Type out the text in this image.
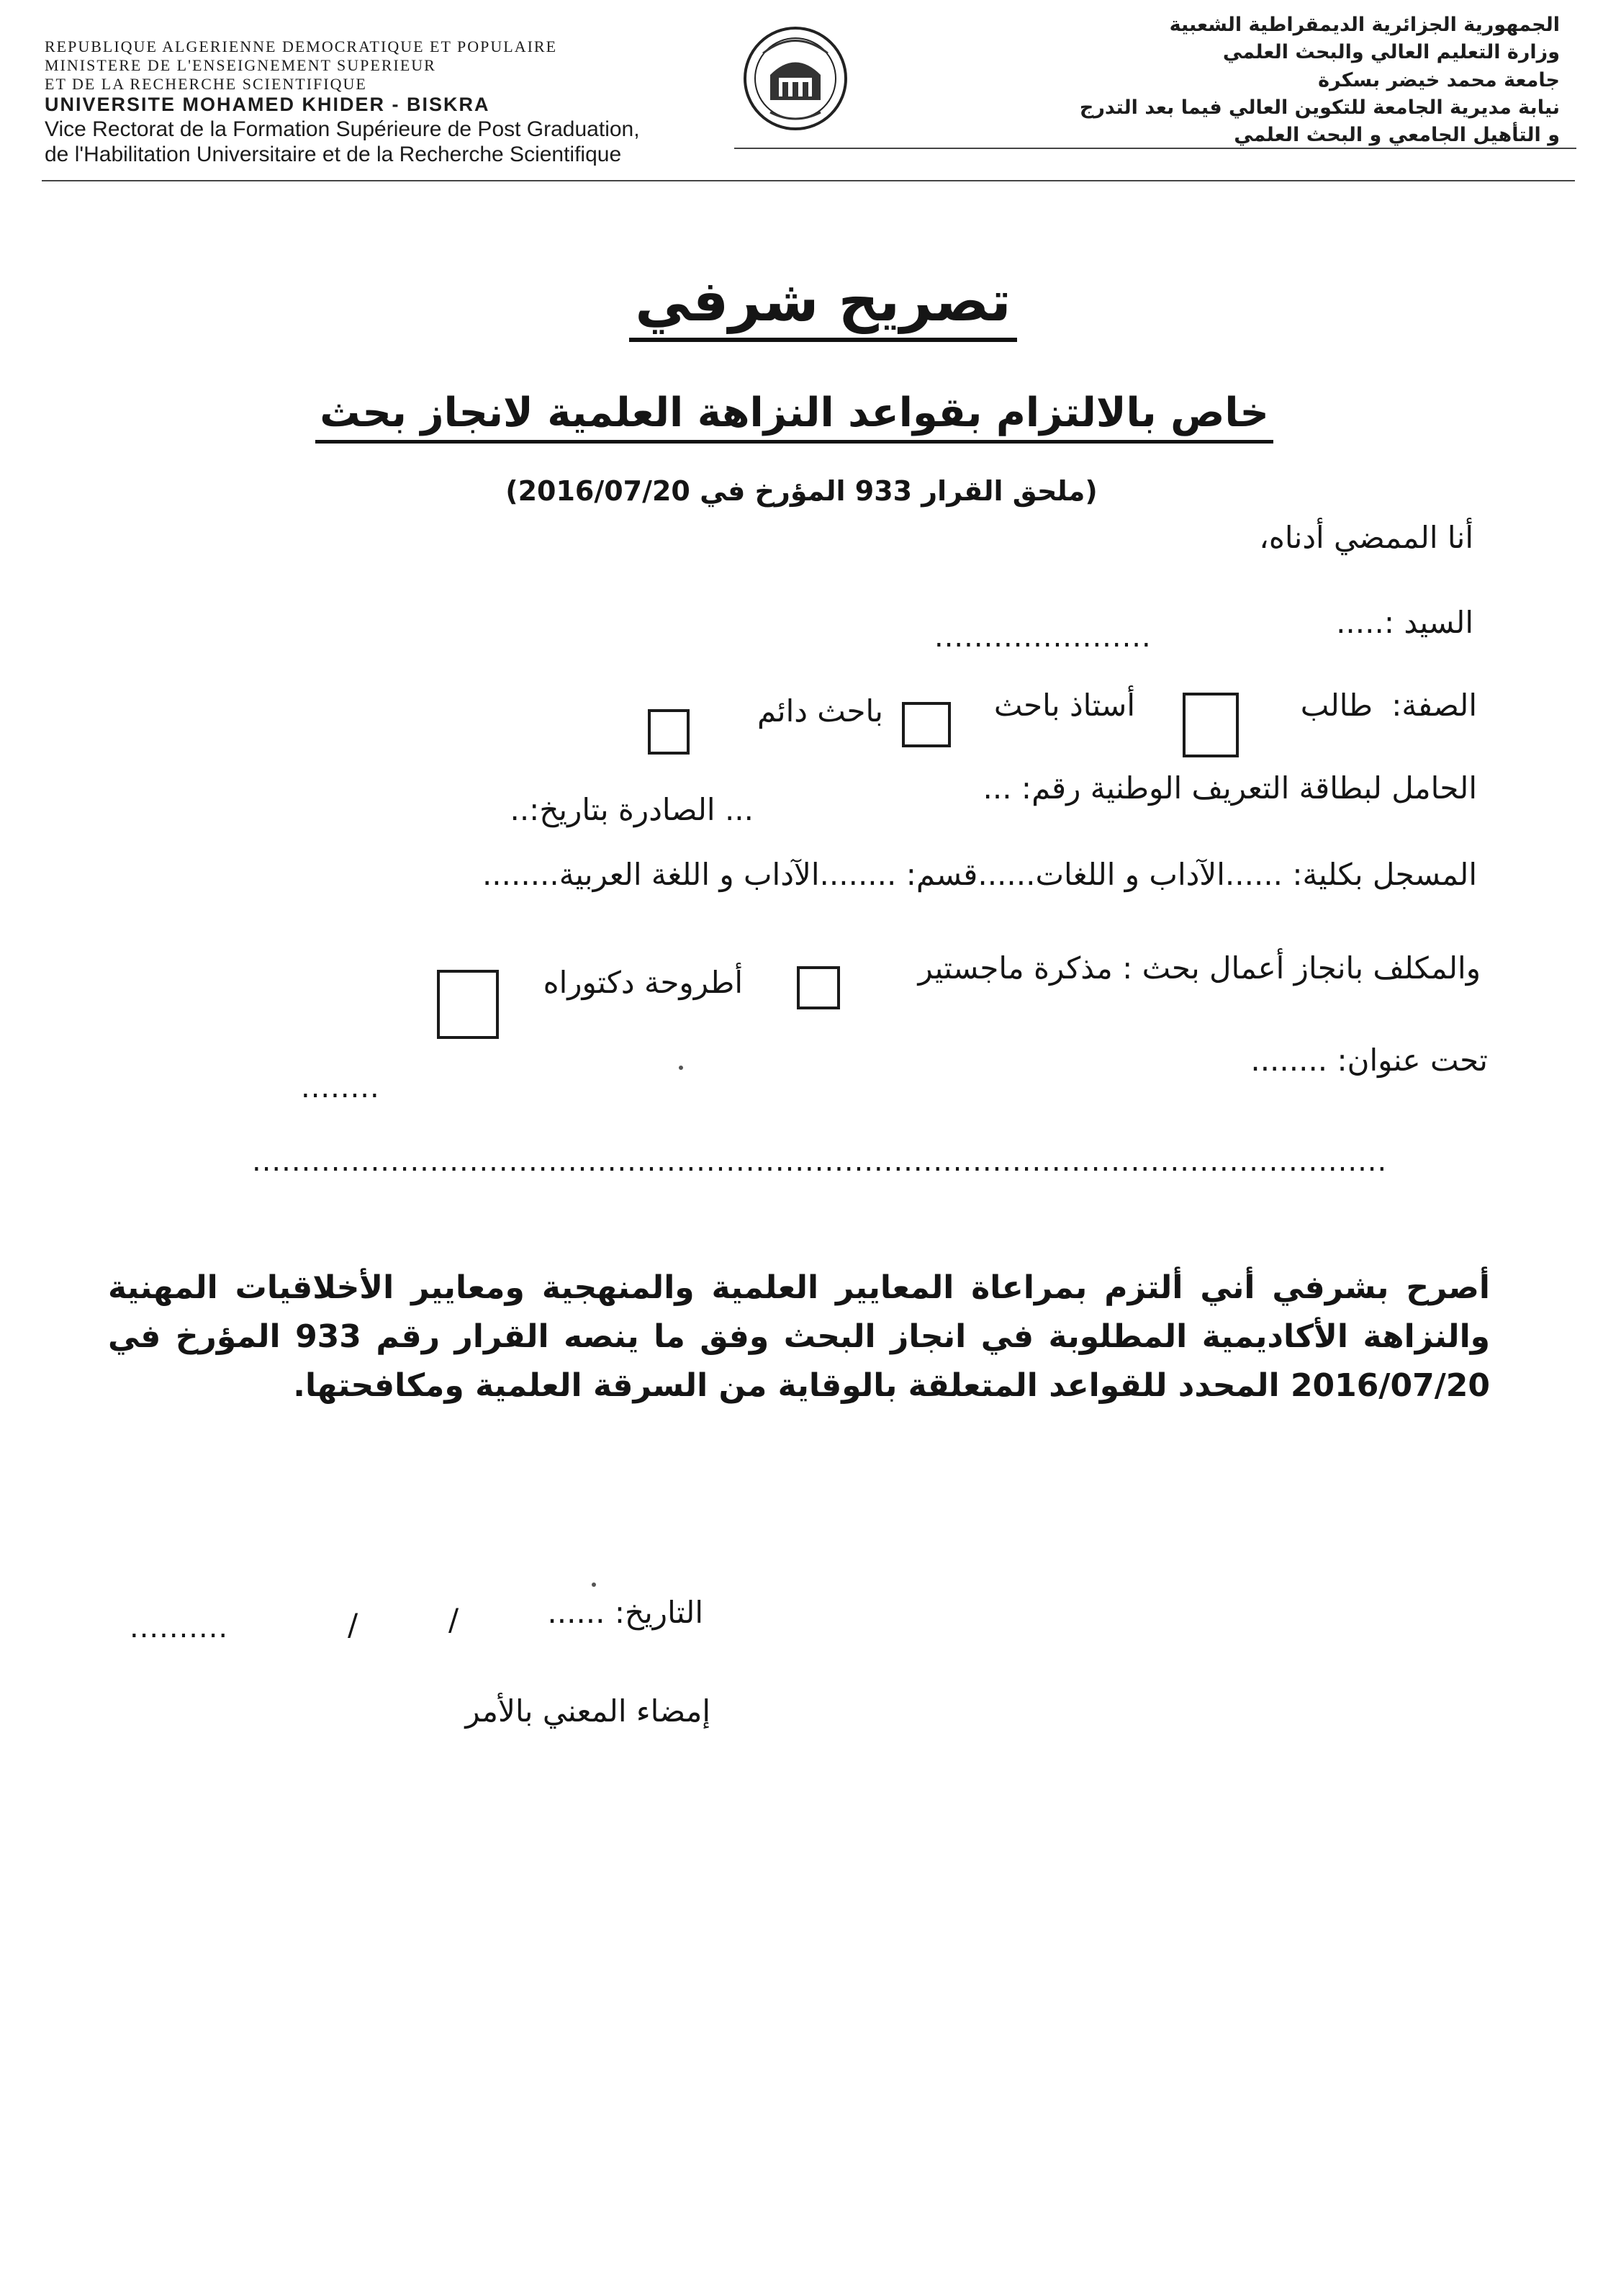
REPUBLIQUE ALGERIENNE DEMOCRATIQUE ET POPULAIRE
MINISTERE DE L'ENSEIGNEMENT SUPERIEUR
ET DE LA RECHERCHE SCIENTIFIQUE
UNIVERSITE MOHAMED KHIDER - BISKRA
Vice Rectorat de la Formation Supérieure de Post Graduation,
de l'Habilitation Universitaire et de la Recherche Scientifique
الجمهورية الجزائرية الديمقراطية الشعبية
وزارة التعليم العالي والبحث العلمي
جامعة محمد خيضر بسكرة
نيابة مديرية الجامعة للتكوين العالي فيما بعد التدرج
و التأهيل الجامعي و البحث العلمي
تصريح شرفي
خاص بالالتزام بقواعد النزاهة العلمية لانجاز بحث
(ملحق القرار 933 المؤرخ في 2016/07/20)
أنا الممضي أدناه،
السيد :.....
......................
الصفة:
طالب
أستاذ باحث
باحث دائم
الحامل لبطاقة التعريف الوطنية رقم: ...
... الصادرة بتاريخ:..
المسجل بكلية: ......الآداب و اللغات......قسم: ........الآداب و اللغة العربية........
والمكلف بانجاز أعمال بحث : مذكرة ماجستير
أطروحة دكتوراه
تحت عنوان: ........
........
...................................................................................................................
أصرح بشرفي أني ألتزم بمراعاة المعايير العلمية والمنهجية ومعايير الأخلاقيات المهنية والنزاهة الأكاديمية المطلوبة في انجاز البحث وفق ما ينصه القرار رقم 933 المؤرخ في 2016/07/20 المحدد للقواعد المتعلقة بالوقاية من السرقة العلمية ومكافحتها.
التاريخ: ......
/
/
..........
إمضاء المعني بالأمر
